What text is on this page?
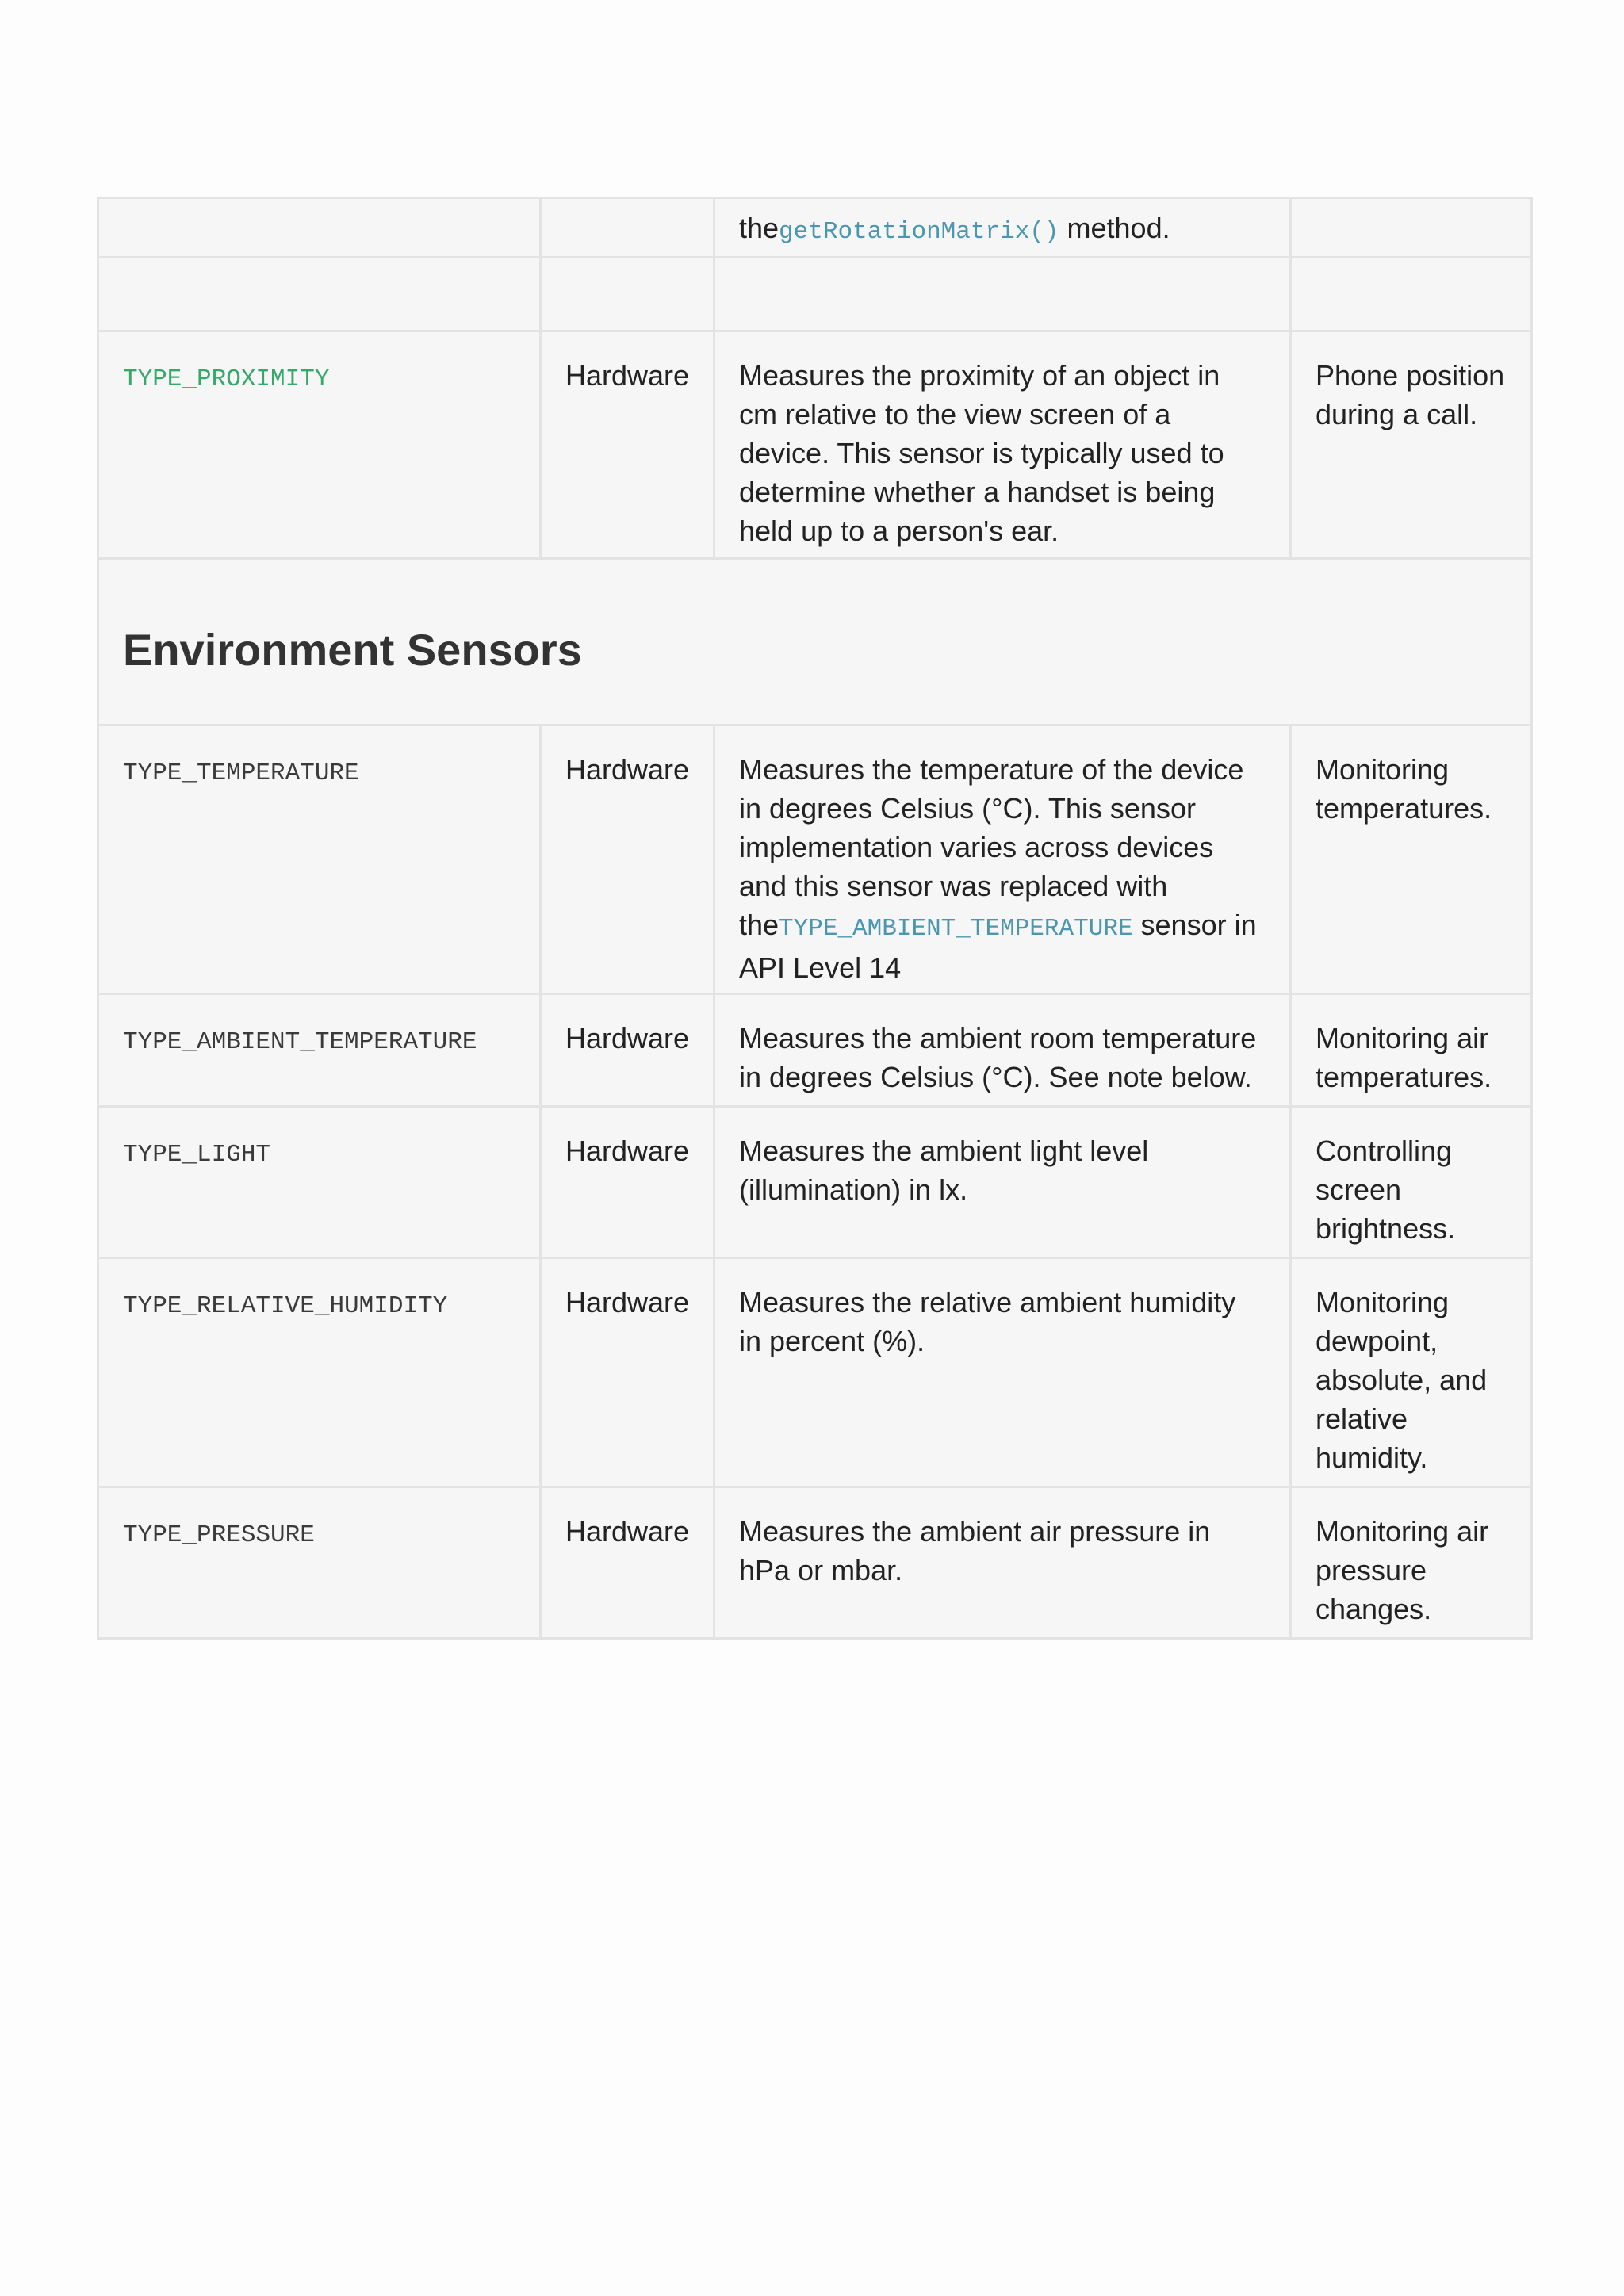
		thegetRotationMatrix() method.	

TYPE_PROXIMITY	Hardware	Measures the proximity of an object in cm relative to the view screen of a device. This sensor is typically used to determine whether a handset is being held up to a person's ear.	Phone position during a call.

Environment Sensors			

TYPE_TEMPERATURE	Hardware	Measures the temperature of the device in degrees Celsius (°C). This sensor implementation varies across devices and this sensor was replaced with theTYPE_AMBIENT_TEMPERATURE sensor in API Level 14	Monitoring temperatures.
TYPE_AMBIENT_TEMPERATURE	Hardware	Measures the ambient room temperature in degrees Celsius (°C). See note below.	Monitoring air temperatures.
TYPE_LIGHT	Hardware	Measures the ambient light level (illumination) in lx.	Controlling screen brightness.
TYPE_RELATIVE_HUMIDITY	Hardware	Measures the relative ambient humidity in percent (%).	Monitoring dewpoint, absolute, and relative humidity.
TYPE_PRESSURE	Hardware	Measures the ambient air pressure in hPa or mbar.	Monitoring air pressure changes.
